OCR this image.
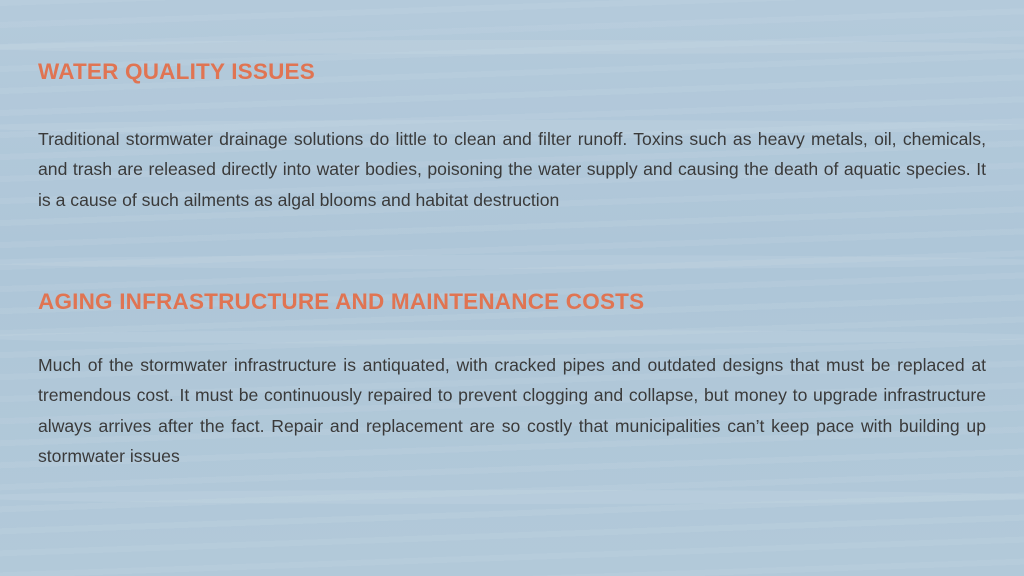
WATER QUALITY ISSUES

Traditional stormwater drainage solutions do little to clean and filter runoff. Toxins such as heavy metals, oil, chemicals, and trash are released directly into water bodies, poisoning the water supply and causing the death of aquatic species. It is a cause of such ailments as algal blooms and habitat destruction

AGING INFRASTRUCTURE AND MAINTENANCE COSTS

Much of the stormwater infrastructure is antiquated, with cracked pipes and outdated designs that must be replaced at tremendous cost. It must be continuously repaired to prevent clogging and collapse, but money to upgrade infrastructure always arrives after the fact. Repair and replacement are so costly that municipalities can’t keep pace with building up stormwater issues
